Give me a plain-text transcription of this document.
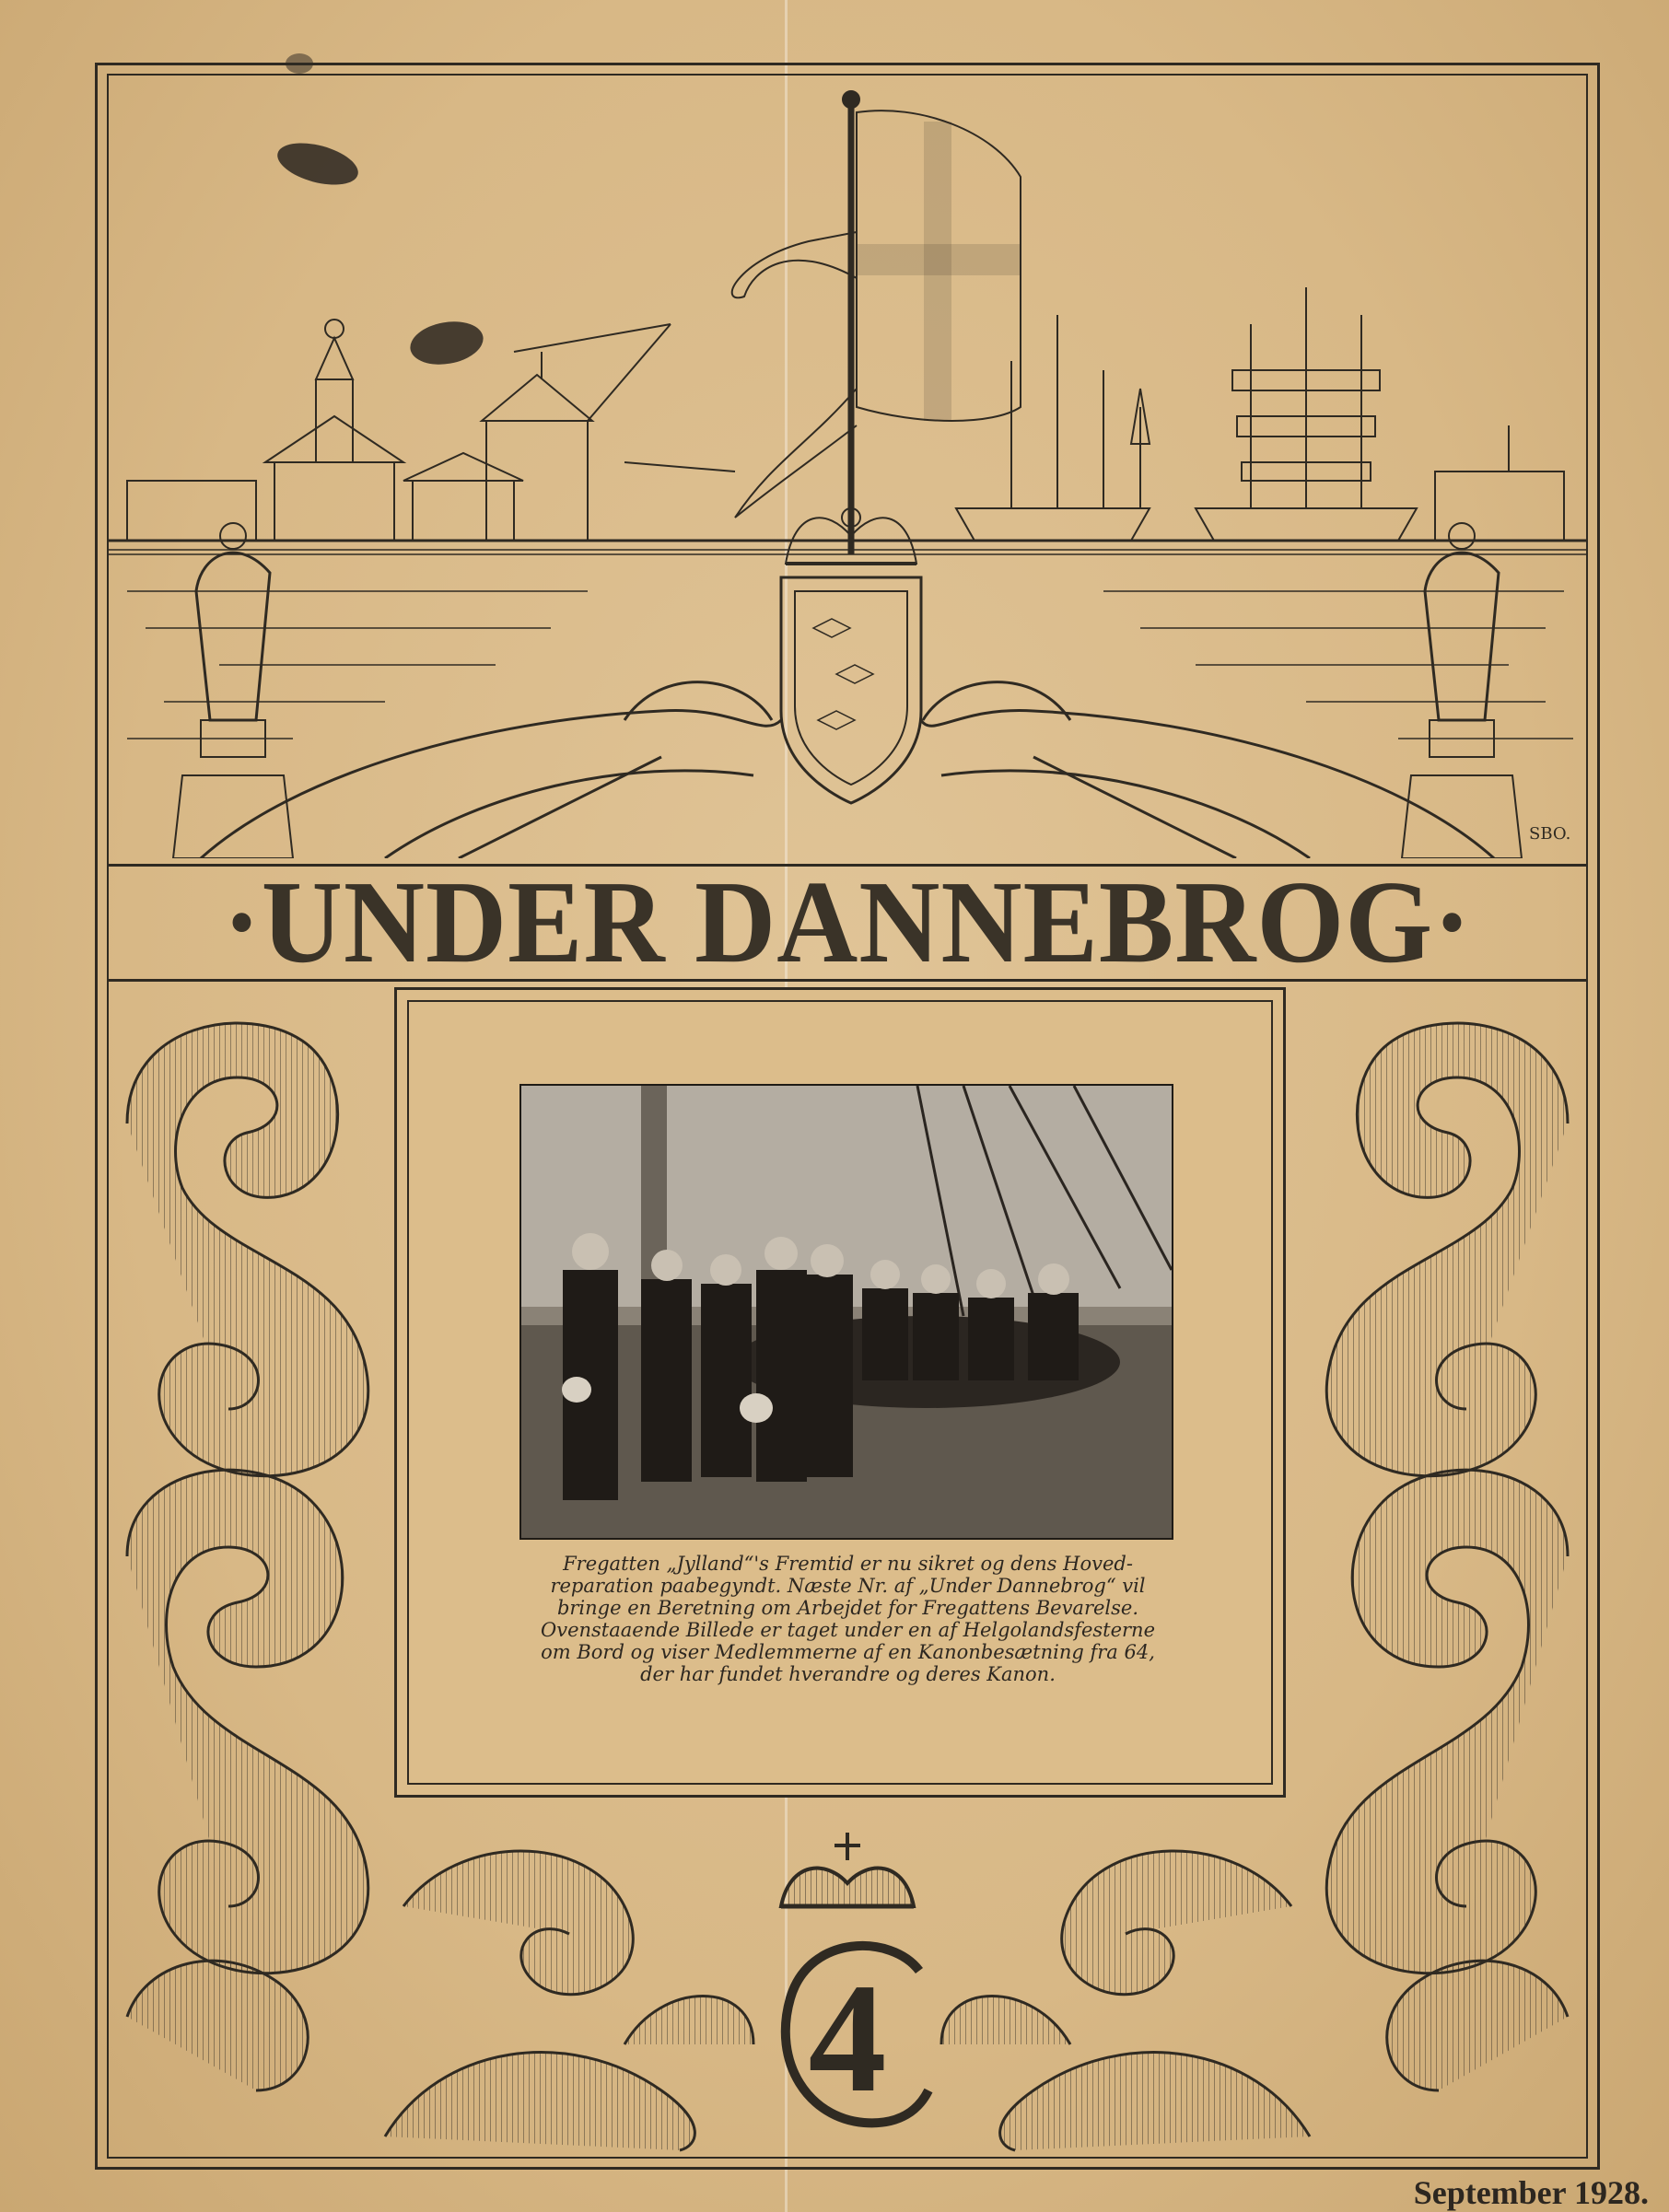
SBO.
·UNDER DANNEBROG·
4
Fregatten „Jylland“'s Fremtid er nu sikret og dens Hoved-
reparation paabegyndt. Næste Nr. af „Under Dannebrog“ vil
bringe en Beretning om Arbejdet for Fregattens Bevarelse.
Ovenstaaende Billede er taget under en af Helgolandsfesterne
om Bord og viser Medlemmerne af en Kanonbesætning fra 64,
der har fundet hverandre og deres Kanon.
September 1928.
